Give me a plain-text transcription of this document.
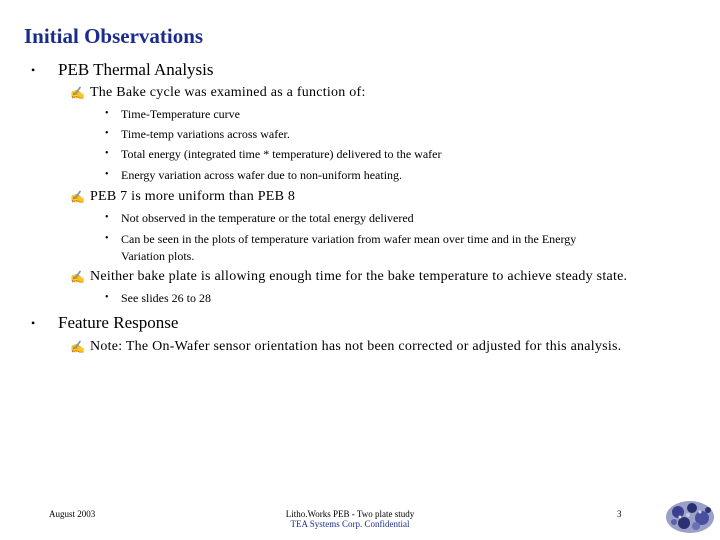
Initial Observations
• PEB Thermal Analysis
✍ The Bake cycle was examined as a function of:
• Time-Temperature curve
• Time-temp variations across wafer.
• Total energy (integrated time * temperature) delivered to the wafer
• Energy variation across wafer due to non-uniform heating.
✍ PEB 7 is more uniform than PEB 8
• Not observed in the temperature or the total energy delivered
• Can be seen in the plots of temperature variation from wafer mean over time and in the Energy
Variation plots.
✍ Neither bake plate is allowing enough time for the bake temperature to achieve steady state.
• See slides 26 to 28
• Feature Response
✍ Note: The On-Wafer sensor orientation has not been corrected or adjusted for this analysis.
August 2003	Litho.Works PEB - Two plate study
TEA Systems Corp. Confidential
3
